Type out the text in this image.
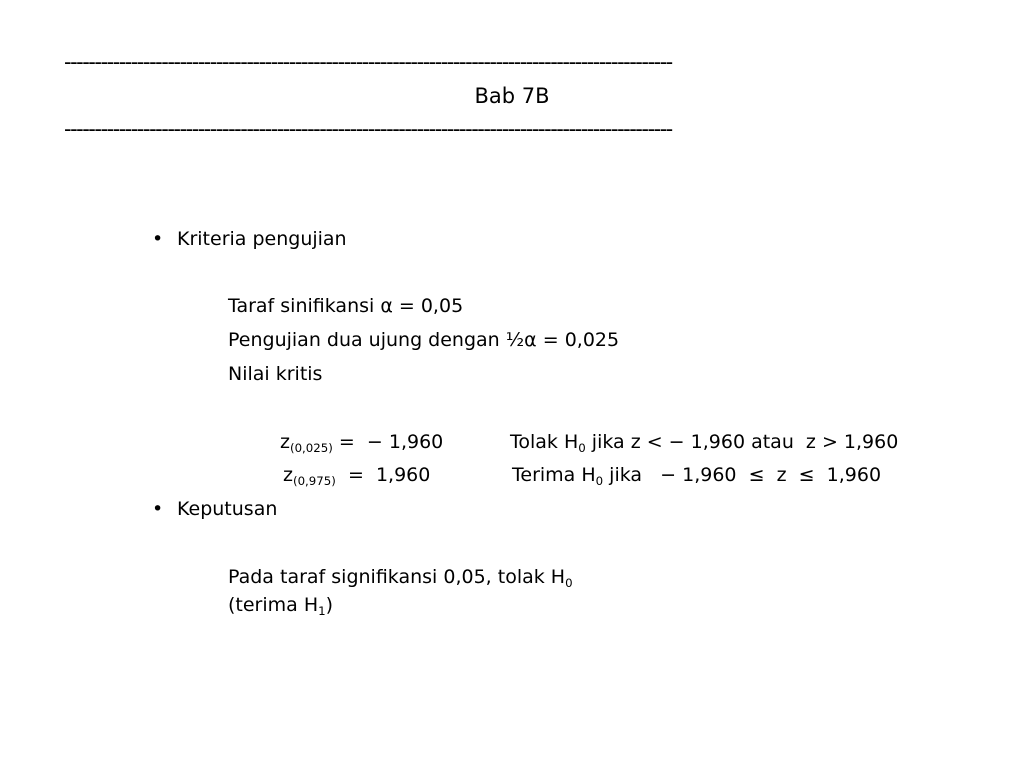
----------------------------------------------------------------------------------------------------
Bab 7B
----------------------------------------------------------------------------------------------------
• Kriteria pengujian
Taraf sinifikansi α = 0,05
Pengujian dua ujung dengan ½α = 0,025
Nilai kritis
$z_{(0,025)}$ =  − 1,960	Tolak $H_0$ jika z < − 1,960 atau  z > 1,960
$z_{(0,975)} = 1,960$	Terima $H_0$ jika   − 1,960  ≤  z  ≤  1,960
• Keputusan
Pada taraf signifikansi 0,05, tolak $H_0$
(terima $H_1$)
